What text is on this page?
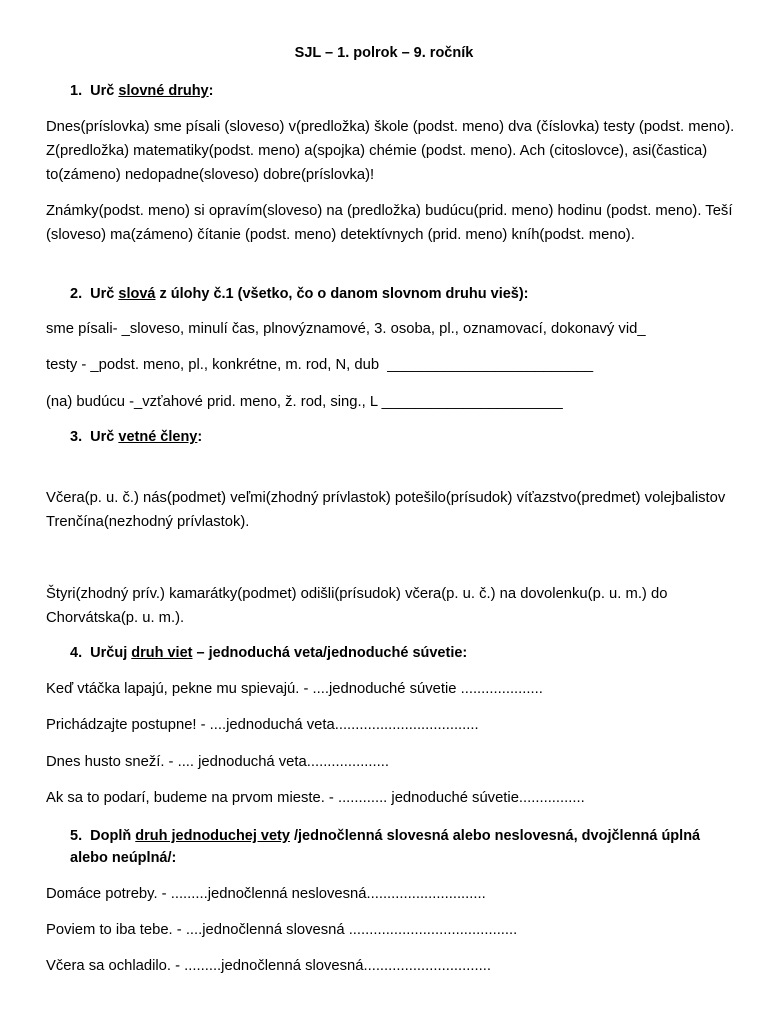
SJL – 1. polrok – 9. ročník
1. Urč slovné druhy:
Dnes(príslovka) sme písali (sloveso) v(predložka) škole (podst. meno) dva (číslovka) testy (podst. meno). Z(predložka) matematiky(podst. meno) a(spojka) chémie (podst. meno). Ach (citoslovce), asi(častica) to(zámeno) nedopadne(sloveso) dobre(príslovka)!
Známky(podst. meno) si opravím(sloveso) na (predložka) budúcu(prid. meno) hodinu (podst. meno). Teší (sloveso) ma(zámeno) čítanie (podst. meno) detektívnych (prid. meno) kníh(podst. meno).
2. Urč slová z úlohy č.1 (všetko, čo o danom slovnom druhu vieš):
sme písali- _sloveso, minulí čas, plnovýznamové, 3. osoba, pl., oznamovací, dokonavý vid_
testy - _podst. meno, pl., konkrétne, m. rod, N, dub  _________________________
(na) budúcu -_vzťahové prid. meno, ž. rod, sing., L ______________________
3. Urč vetné členy:
Včera(p. u. č.) nás(podmet) veľmi(zhodný prívlastok) potešilo(prísudok) víťazstvo(predmet) volejbalistov Trenčína(nezhodný prívlastok).
Štyri(zhodný prív.) kamarátky(podmet) odišli(prísudok) včera(p. u. č.) na dovolenku(p. u. m.) do Chorvátska(p. u. m.).
4. Určuj druh viet – jednoduchá veta/jednoduché súvetie:
Keď vtáčka lapajú, pekne mu spievajú. - ....jednoduché súvetie ....................
Prichádzajte postupne! - ....jednoduchá veta...................................
Dnes husto sneží. - .... jednoduchá veta....................
Ak sa to podarí, budeme na prvom mieste. - ............ jednoduché súvetie................
5. Doplň druh jednoduchej vety /jednočlenná slovesná alebo neslovesná, dvojčlenná úplná alebo neúplná/:
Domáce potreby. - .........jednočlenná neslovesná.............................
Poviem to iba tebe. - ....jednočlenná slovesná .........................................
Včera sa ochladilo. - .........jednočlenná slovesná...............................
